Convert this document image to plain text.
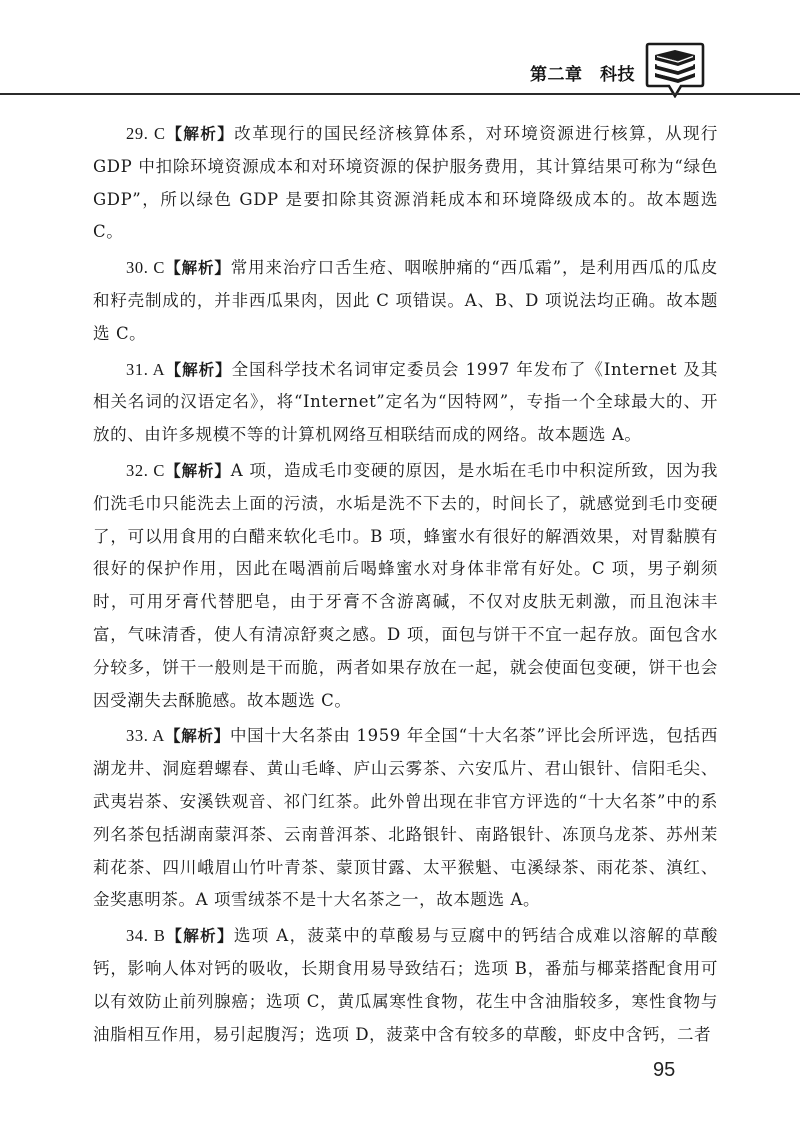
第二章　科技

29. C【解析】改革现行的国民经济核算体系，对环境资源进行核算，从现行 GDP 中扣除环境资源成本和对环境资源的保护服务费用，其计算结果可称为“绿色 GDP”，所以绿色 GDP 是要扣除其资源消耗成本和环境降级成本的。故本题选 C。

30. C【解析】常用来治疗口舌生疮、咽喉肿痛的“西瓜霜”，是利用西瓜的瓜皮和籽壳制成的，并非西瓜果肉，因此 C 项错误。A、B、D 项说法均正确。故本题选 C。

31. A【解析】全国科学技术名词审定委员会 1997 年发布了《Internet 及其相关名词的汉语定名》，将“Internet”定名为“因特网”，专指一个全球最大的、开放的、由许多规模不等的计算机网络互相联结而成的网络。故本题选 A。

32. C【解析】A 项，造成毛巾变硬的原因，是水垢在毛巾中积淀所致，因为我们洗毛巾只能洗去上面的污渍，水垢是洗不下去的，时间长了，就感觉到毛巾变硬了，可以用食用的白醋来软化毛巾。B 项，蜂蜜水有很好的解酒效果，对胃黏膜有很好的保护作用，因此在喝酒前后喝蜂蜜水对身体非常有好处。C 项，男子剃须时，可用牙膏代替肥皂，由于牙膏不含游离碱，不仅对皮肤无刺激，而且泡沫丰富，气味清香，使人有清凉舒爽之感。D 项，面包与饼干不宜一起存放。面包含水分较多，饼干一般则是干而脆，两者如果存放在一起，就会使面包变硬，饼干也会因受潮失去酥脆感。故本题选 C。

33. A【解析】中国十大名茶由 1959 年全国“十大名茶”评比会所评选，包括西湖龙井、洞庭碧螺春、黄山毛峰、庐山云雾茶、六安瓜片、君山银针、信阳毛尖、武夷岩茶、安溪铁观音、祁门红茶。此外曾出现在非官方评选的“十大名茶”中的系列名茶包括湖南蒙洱茶、云南普洱茶、北路银针、南路银针、冻顶乌龙茶、苏州茉莉花茶、四川峨眉山竹叶青茶、蒙顶甘露、太平猴魁、屯溪绿茶、雨花茶、滇红、金奖惠明茶。A 项雪绒茶不是十大名茶之一，故本题选 A。

34. B【解析】选项 A，菠菜中的草酸易与豆腐中的钙结合成难以溶解的草酸钙，影响人体对钙的吸收，长期食用易导致结石；选项 B，番茄与椰菜搭配食用可以有效防止前列腺癌；选项 C，黄瓜属寒性食物，花生中含油脂较多，寒性食物与油脂相互作用，易引起腹泻；选项 D，菠菜中含有较多的草酸，虾皮中含钙，二者

95
